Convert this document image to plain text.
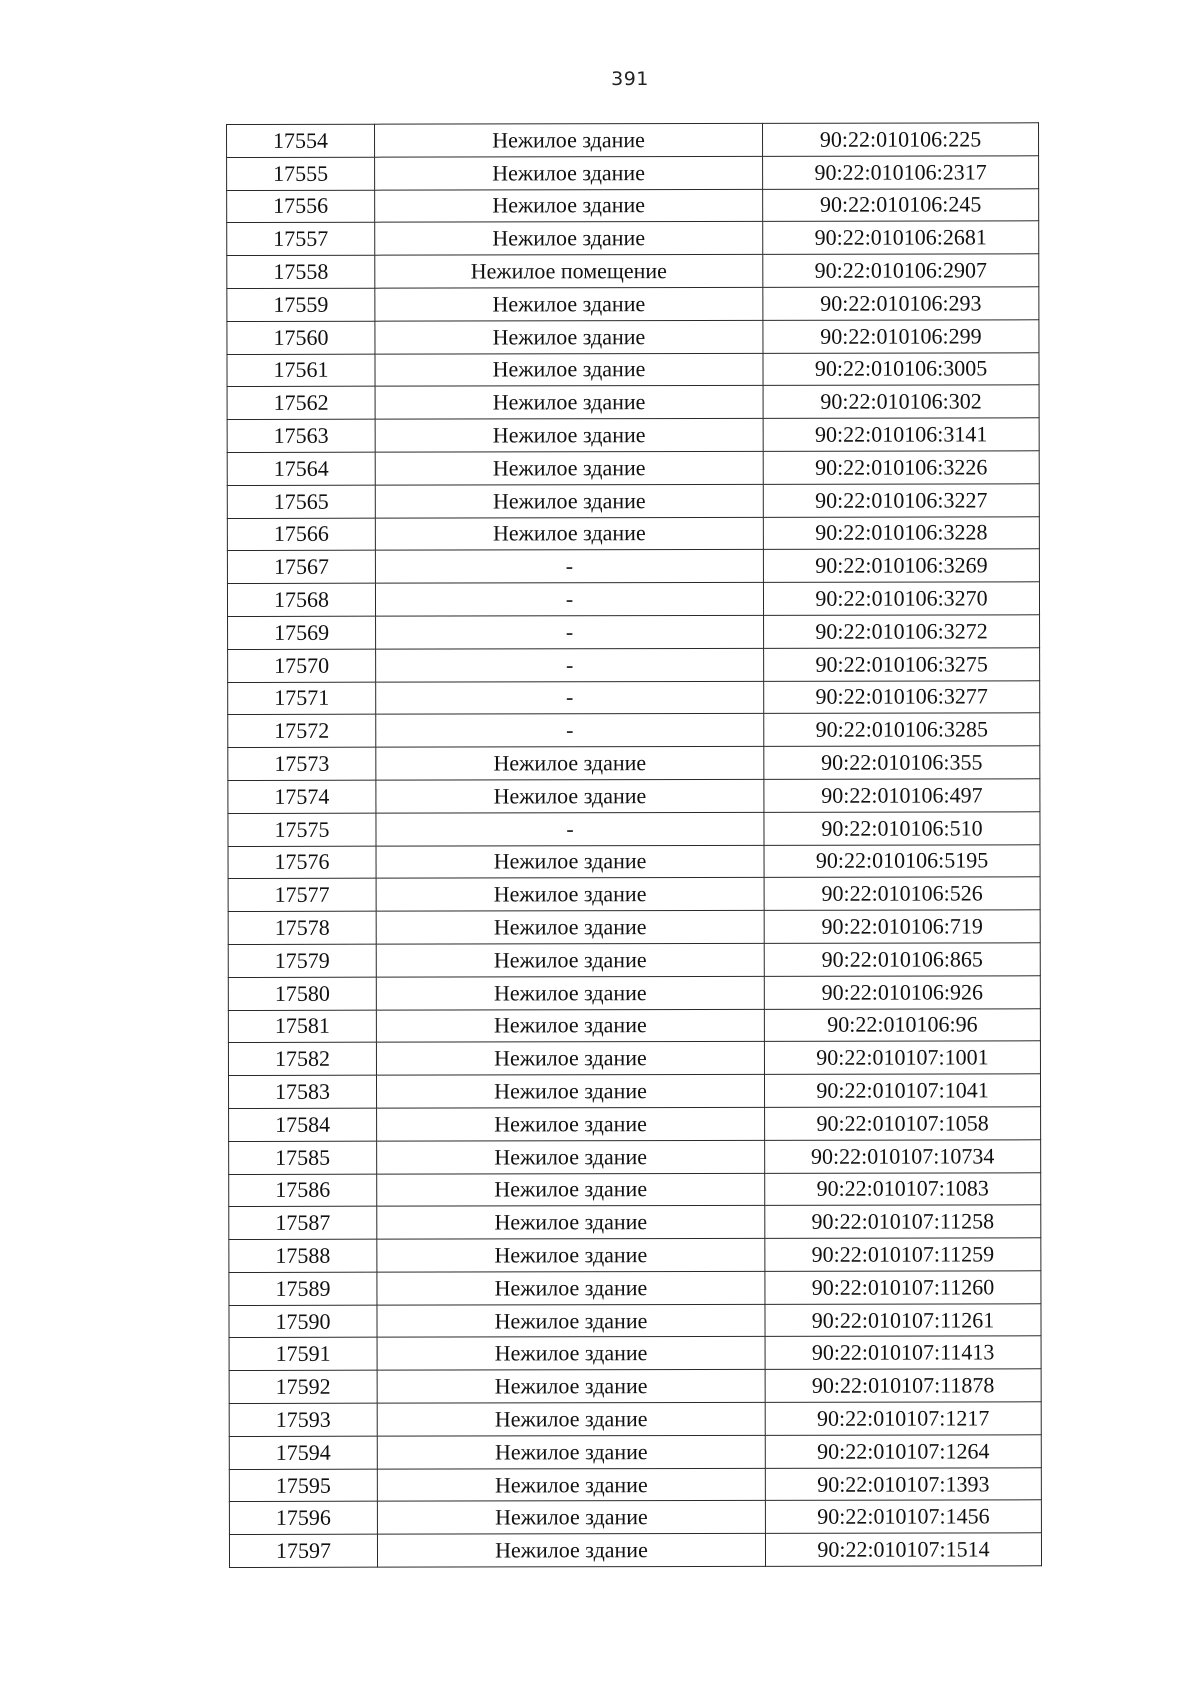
391
17554	Нежилое здание	90:22:010106:225
17555	Нежилое здание	90:22:010106:2317
17556	Нежилое здание	90:22:010106:245
17557	Нежилое здание	90:22:010106:2681
17558	Нежилое помещение	90:22:010106:2907
17559	Нежилое здание	90:22:010106:293
17560	Нежилое здание	90:22:010106:299
17561	Нежилое здание	90:22:010106:3005
17562	Нежилое здание	90:22:010106:302
17563	Нежилое здание	90:22:010106:3141
17564	Нежилое здание	90:22:010106:3226
17565	Нежилое здание	90:22:010106:3227
17566	Нежилое здание	90:22:010106:3228
17567	-	90:22:010106:3269
17568	-	90:22:010106:3270
17569	-	90:22:010106:3272
17570	-	90:22:010106:3275
17571	-	90:22:010106:3277
17572	-	90:22:010106:3285
17573	Нежилое здание	90:22:010106:355
17574	Нежилое здание	90:22:010106:497
17575	-	90:22:010106:510
17576	Нежилое здание	90:22:010106:5195
17577	Нежилое здание	90:22:010106:526
17578	Нежилое здание	90:22:010106:719
17579	Нежилое здание	90:22:010106:865
17580	Нежилое здание	90:22:010106:926
17581	Нежилое здание	90:22:010106:96
17582	Нежилое здание	90:22:010107:1001
17583	Нежилое здание	90:22:010107:1041
17584	Нежилое здание	90:22:010107:1058
17585	Нежилое здание	90:22:010107:10734
17586	Нежилое здание	90:22:010107:1083
17587	Нежилое здание	90:22:010107:11258
17588	Нежилое здание	90:22:010107:11259
17589	Нежилое здание	90:22:010107:11260
17590	Нежилое здание	90:22:010107:11261
17591	Нежилое здание	90:22:010107:11413
17592	Нежилое здание	90:22:010107:11878
17593	Нежилое здание	90:22:010107:1217
17594	Нежилое здание	90:22:010107:1264
17595	Нежилое здание	90:22:010107:1393
17596	Нежилое здание	90:22:010107:1456
17597	Нежилое здание	90:22:010107:1514
